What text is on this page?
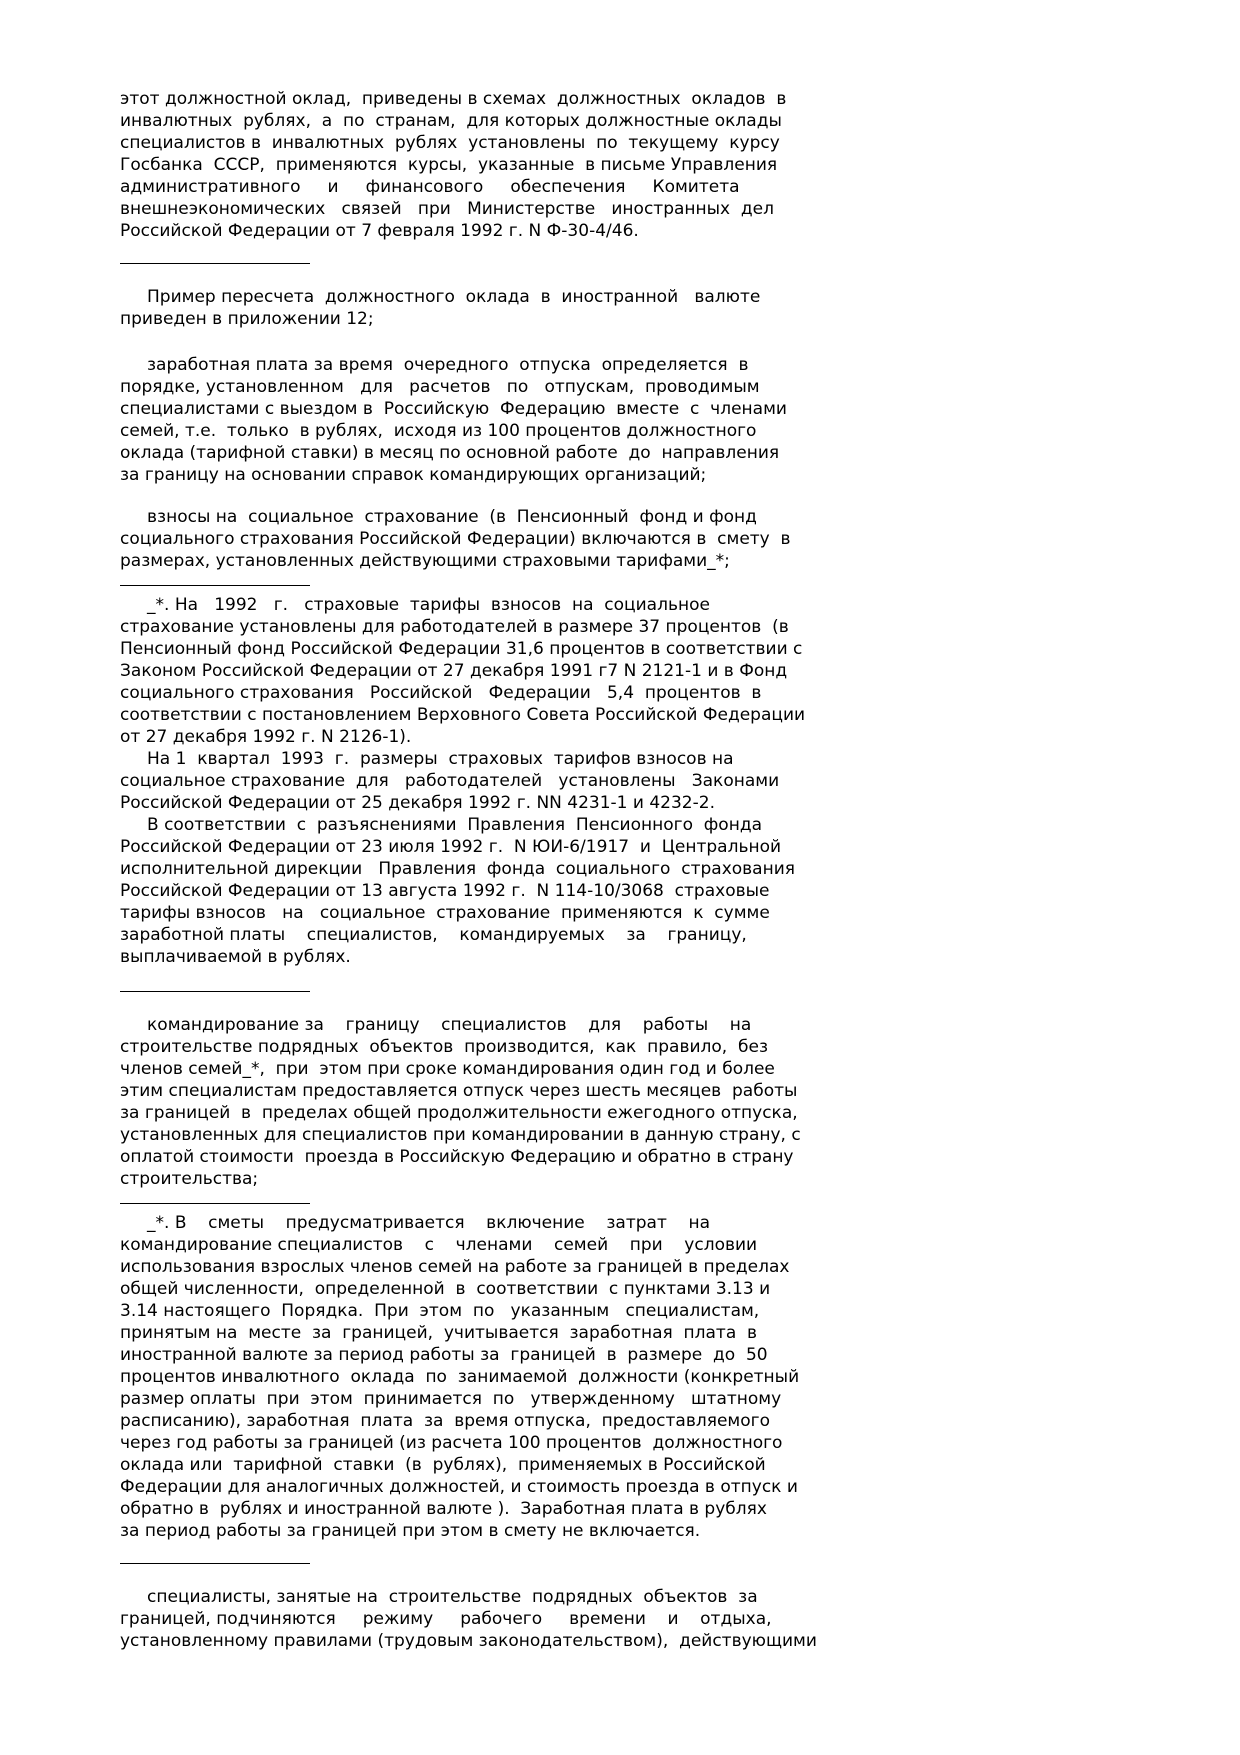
этот должностной оклад,  приведены в схемах  должностных  окладов  в
инвалютных  рублях,  а  по  странам,  для которых должностные оклады
специалистов в  инвалютных  рублях  установлены  по  текущему  курсу
Госбанка  СССР,  применяются  курсы,  указанные  в письме Управления
административного     и     финансового     обеспечения     Комитета
внешнеэкономических   связей   при   Министерстве   иностранных  дел
Российской Федерации от 7 февраля 1992 г. N Ф-30-4/46.

Пример пересчета  должностного  оклада  в  иностранной   валюте
приведен в приложении 12;

заработная плата за время  очередного  отпуска  определяется  в
порядке, установленном   для   расчетов   по   отпускам,  проводимым
специалистами с выездом в  Российскую  Федерацию  вместе  с  членами
семей, т.е.  только  в рублях,  исходя из 100 процентов должностного
оклада (тарифной ставки) в месяц по основной работе  до  направления
за границу на основании справок командирующих организаций;

взносы на  социальное  страхование  (в  Пенсионный  фонд и фонд
социального страхования Российской Федерации) включаются в  смету  в
размерах, установленных действующими страховыми тарифами_*;

_*. На   1992   г.   страховые  тарифы  взносов  на  социальное
страхование установлены для работодателей в размере 37 процентов  (в
Пенсионный фонд Российской Федерации 31,6 процентов в соответствии с
Законом Российской Федерации от 27 декабря 1991 г7 N 2121-1 и в Фонд
социального страхования   Российской   Федерации   5,4  процентов  в
соответствии с постановлением Верховного Совета Российской Федерации
от 27 декабря 1992 г. N 2126-1).
На 1  квартал  1993  г.  размеры  страховых  тарифов взносов на
социальное страхование  для   работодателей   установлены   Законами
Российской Федерации от 25 декабря 1992 г. NN 4231-1 и 4232-2.
В соответствии  с  разъяснениями  Правления  Пенсионного  фонда
Российской Федерации от 23 июля 1992 г.  N ЮИ-6/1917  и  Центральной
исполнительной дирекции   Правления  фонда  социального  страхования
Российской Федерации от 13 августа 1992 г.  N 114-10/3068  страховые
тарифы взносов   на   социальное  страхование  применяются  к  сумме
заработной платы    специалистов,    командируемых    за    границу,
выплачиваемой в рублях.

командирование за    границу    специалистов    для    работы    на
строительстве подрядных  объектов  производится,  как  правило,  без
членов семей_*,  при  этом при сроке командирования один год и более
этим специалистам предоставляется отпуск через шесть месяцев  работы
за границей  в  пределах общей продолжительности ежегодного отпуска,
установленных для специалистов при командировании в данную страну, с
оплатой стоимости  проезда в Российскую Федерацию и обратно в страну
строительства;

_*. В    сметы    предусматривается    включение    затрат    на
командирование специалистов    с    членами    семей    при    условии
использования взрослых членов семей на работе за границей в пределах
общей численности,  определенной  в  соответствии  с пунктами 3.13 и
3.14 настоящего  Порядка.  При  этом  по   указанным   специалистам,
принятым на  месте  за  границей,  учитывается  заработная  плата  в
иностранной валюте за период работы за  границей  в  размере  до  50
процентов инвалютного  оклада  по  занимаемой  должности (конкретный
размер оплаты  при  этом  принимается  по   утвержденному   штатному
расписанию), заработная  плата  за  время отпуска,  предоставляемого
через год работы за границей (из расчета 100 процентов  должностного
оклада или  тарифной  ставки  (в  рублях),  применяемых в Российской
Федерации для аналогичных должностей, и стоимость проезда в отпуск и
обратно в  рублях и иностранной валюте ).  Заработная плата в рублях
за период работы за границей при этом в смету не включается.

специалисты, занятые на  строительстве  подрядных  объектов  за
границей, подчиняются     режиму     рабочего     времени    и    отдыха,
установленному правилами (трудовым законодательством),  действующими
